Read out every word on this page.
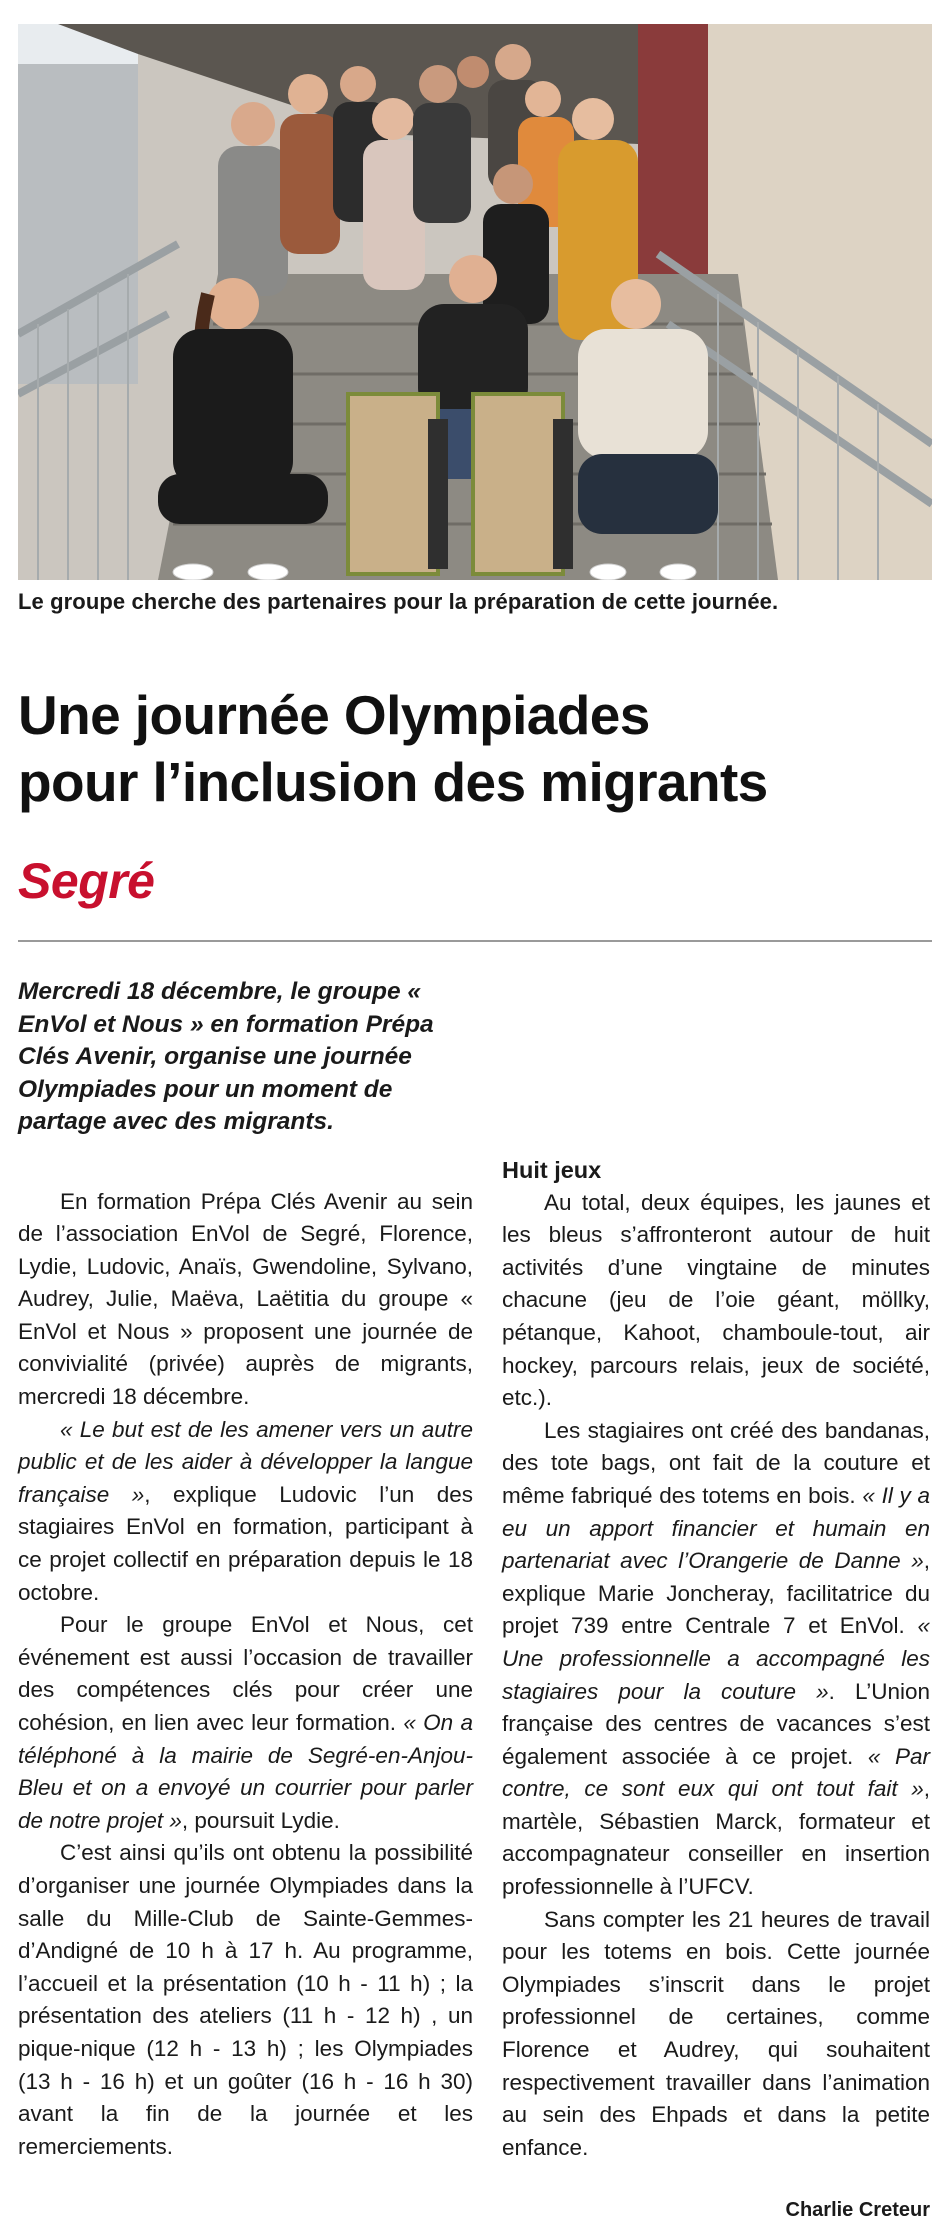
Le groupe cherche des partenaires pour la préparation de cette journée.
Une journée Olympiades
pour l’inclusion des migrants
Segré

Mercredi 18 décembre, le groupe « EnVol et Nous » en formation Prépa Clés Avenir, organise une journée Olympiades pour un moment de partage avec des migrants.

En formation Prépa Clés Avenir au sein de l’association EnVol de Segré, Florence, Lydie, Ludovic, Anaïs, Gwendoline, Sylvano, Audrey, Julie, Maëva, Laëtitia du groupe « EnVol et Nous » proposent une journée de convivialité (privée) auprès de migrants, mercredi 18 décembre.

« Le but est de les amener vers un autre public et de les aider à développer la langue française », explique Ludovic l’un des stagiaires EnVol en formation, participant à ce projet collectif en préparation depuis le 18 octobre.

Pour le groupe EnVol et Nous, cet événement est aussi l’occasion de travailler des compétences clés pour créer une cohésion, en lien avec leur formation. « On a téléphoné à la mairie de Segré-en-Anjou-Bleu et on a envoyé un courrier pour parler de notre projet », poursuit Lydie.

C’est ainsi qu’ils ont obtenu la possibilité d’organiser une journée Olympiades dans la salle du Mille-Club de Sainte-Gemmes-d’Andigné de 10 h à 17 h. Au programme, l’accueil et la présentation (10 h - 11 h) ; la présentation des ateliers (11 h - 12 h) , un pique-nique (12 h - 13 h) ; les Olympiades (13 h - 16 h) et un goûter (16 h - 16 h 30) avant la fin de la journée et les remerciements.

Huit jeux

Au total, deux équipes, les jaunes et les bleus s’affronteront autour de huit activités d’une vingtaine de minutes chacune (jeu de l’oie géant, möllky, pétanque, Kahoot, chamboule-tout, air hockey, parcours relais, jeux de société, etc.).

Les stagiaires ont créé des bandanas, des tote bags, ont fait de la couture et même fabriqué des totems en bois. « Il y a eu un apport financier et humain en partenariat avec l’Orangerie de Danne », explique Marie Joncheray, facilitatrice du projet 739 entre Centrale 7 et EnVol. « Une professionnelle a accompagné les stagiaires pour la couture ». L’Union française des centres de vacances s’est également associée à ce projet. « Par contre, ce sont eux qui ont tout fait », martèle, Sébastien Marck, formateur et accompagnateur conseiller en insertion professionnelle à l’UFCV.

Sans compter les 21 heures de travail pour les totems en bois. Cette journée Olympiades s’inscrit dans le projet professionnel de certaines, comme Florence et Audrey, qui souhaitent respectivement travailler dans l’animation au sein des Ehpads et dans la petite enfance.

Charlie Creteur
